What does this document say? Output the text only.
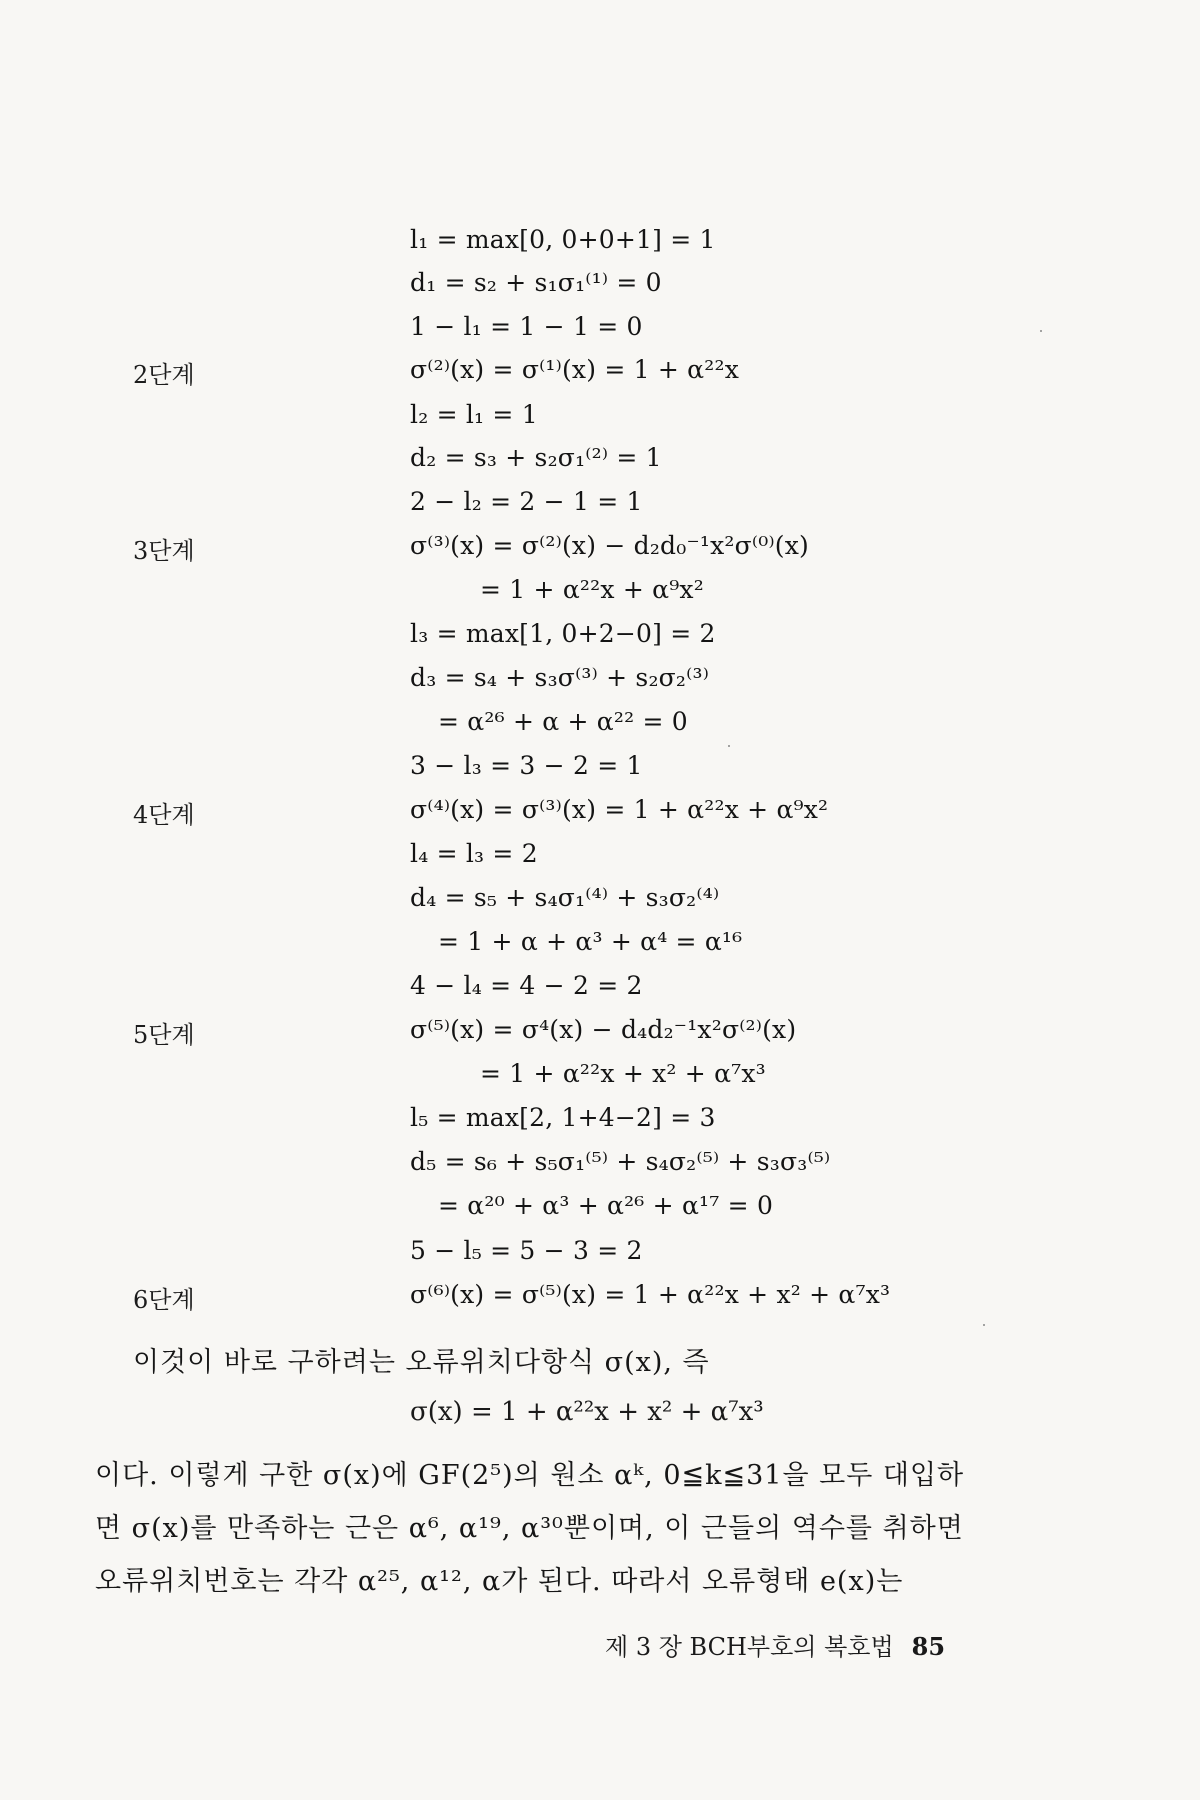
2단계
3단계
4단계
5단계
6단계
l₁ = max[0, 0+0+1] = 1
d₁ = s₂ + s₁σ₁⁽¹⁾ = 0
1 − l₁ = 1 − 1 = 0
σ⁽²⁾(x) = σ⁽¹⁾(x) = 1 + α²²x
l₂ = l₁ = 1
d₂ = s₃ + s₂σ₁⁽²⁾ = 1
2 − l₂ = 2 − 1 = 1
σ⁽³⁾(x) = σ⁽²⁾(x) − d₂d₀⁻¹x²σ⁽⁰⁾(x)
= 1 + α²²x + α⁹x²
l₃ = max[1, 0+2−0] = 2
d₃ = s₄ + s₃σ⁽³⁾ + s₂σ₂⁽³⁾
= α²⁶ + α + α²² = 0
3 − l₃ = 3 − 2 = 1
σ⁽⁴⁾(x) = σ⁽³⁾(x) = 1 + α²²x + α⁹x²
l₄ = l₃ = 2
d₄ = s₅ + s₄σ₁⁽⁴⁾ + s₃σ₂⁽⁴⁾
= 1 + α + α³ + α⁴ = α¹⁶
4 − l₄ = 4 − 2 = 2
σ⁽⁵⁾(x) = σ⁴(x) − d₄d₂⁻¹x²σ⁽²⁾(x)
= 1 + α²²x + x² + α⁷x³
l₅ = max[2, 1+4−2] = 3
d₅ = s₆ + s₅σ₁⁽⁵⁾ + s₄σ₂⁽⁵⁾ + s₃σ₃⁽⁵⁾
= α²⁰ + α³ + α²⁶ + α¹⁷ = 0
5 − l₅ = 5 − 3 = 2
σ⁽⁶⁾(x) = σ⁽⁵⁾(x) = 1 + α²²x + x² + α⁷x³
이것이 바로 구하려는 오류위치다항식 σ(x), 즉
σ(x) = 1 + α²²x + x² + α⁷x³
이다. 이렇게 구한 σ(x)에 GF(2⁵)의 원소 αᵏ, 0≦k≦31을 모두 대입하
면 σ(x)를 만족하는 근은 α⁶, α¹⁹, α³⁰뿐이며, 이 근들의 역수를 취하면
오류위치번호는 각각 α²⁵, α¹², α가 된다. 따라서 오류형태 e(x)는
제 3 장 BCH부호의 복호법 85
